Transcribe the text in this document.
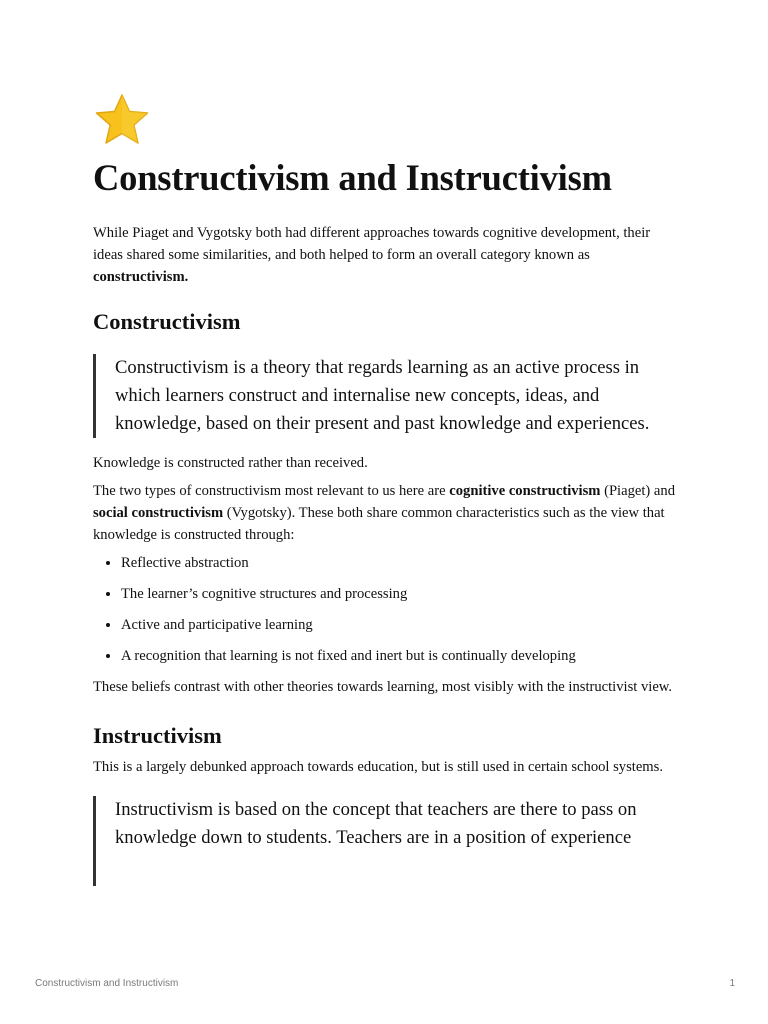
Constructivism and Instructivism

While Piaget and Vygotsky both had different approaches towards cognitive development, their ideas shared some similarities, and both helped to form an overall category known as constructivism.

Constructivism
Constructivism is a theory that regards learning as an active process in which learners construct and internalise new concepts, ideas, and knowledge, based on their present and past knowledge and experiences.

Knowledge is constructed rather than received.

The two types of constructivism most relevant to us here are cognitive constructivism (Piaget) and social constructivism (Vygotsky). These both share common characteristics such as the view that knowledge is constructed through:

• Reflective abstraction
• The learner’s cognitive structures and processing
• Active and participative learning
• A recognition that learning is not fixed and inert but is continually developing

These beliefs contrast with other theories towards learning, most visibly with the instructivist view.

Instructivism

This is a largely debunked approach towards education, but is still used in certain school systems.

Instructivism is based on the concept that teachers are there to pass on knowledge down to students. Teachers are in a position of experience
Constructivism and Instructivism	1
